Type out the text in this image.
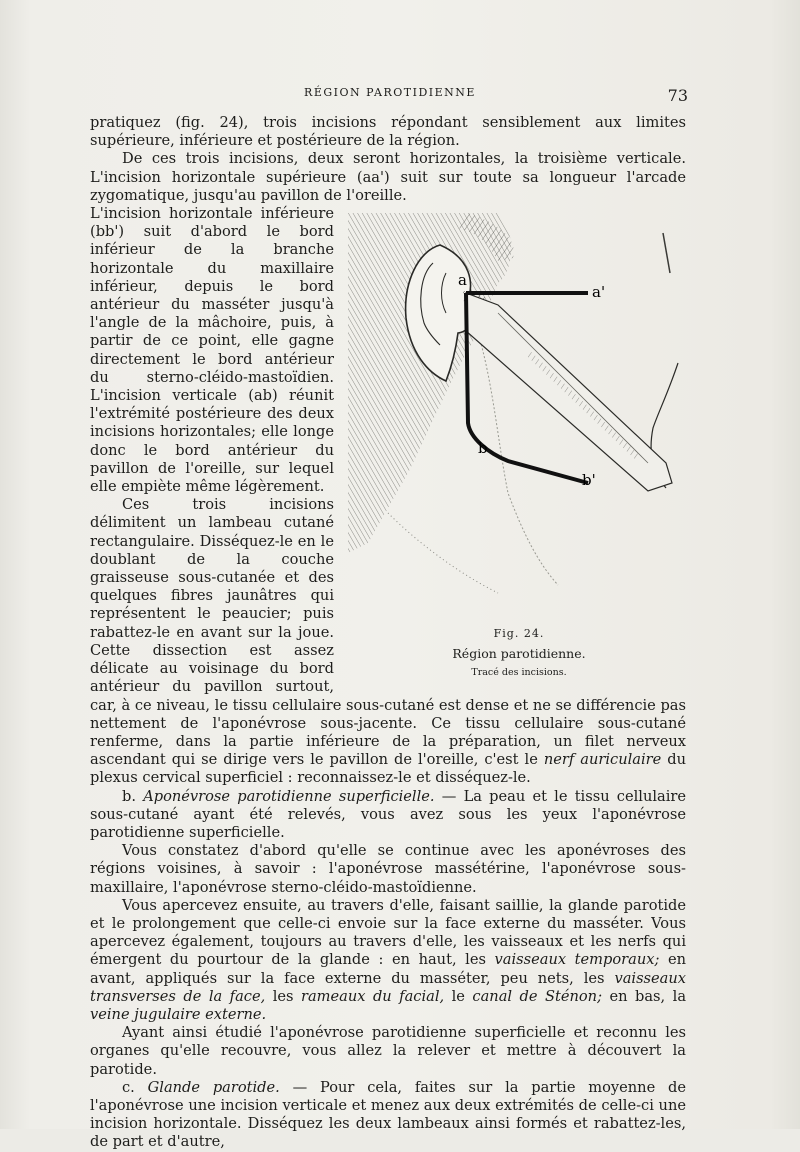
RÉGION PAROTIDIENNE	73

pratiquez (fig. 24), trois incisions répondant sensiblement aux limites supérieure, inférieure et postérieure de la région.

De ces trois incisions, deux seront horizontales, la troisième verticale. L'incision horizontale supérieure (aa') suit sur toute sa longueur l'arcade zygomatique, jusqu'au pavillon de l'oreille.

a
a'
b
b'
Fig. 24.
Région parotidienne.
Tracé des incisions.

L'incision horizontale inférieure (bb') suit d'abord le bord inférieur de la branche horizontale du maxillaire inférieur, depuis le bord antérieur du masséter jusqu'à l'angle de la mâchoire, puis, à partir de ce point, elle gagne directement le bord antérieur du sterno-cléido-mastoïdien. L'incision verticale (ab) réunit l'extrémité postérieure des deux incisions horizontales; elle longe donc le bord antérieur du pavillon de l'oreille, sur lequel elle empiète même légèrement.

Ces trois incisions délimitent un lambeau cutané rectangulaire. Disséquez-le en le doublant de la couche graisseuse sous-cutanée et des quelques fibres jaunâtres qui représentent le peaucier; puis rabattez-le en avant sur la joue. Cette dissection est assez délicate au voisinage du bord antérieur du pavillon surtout, car, à ce niveau, le tissu cellulaire sous-cutané est dense et ne se différencie pas nettement de l'aponévrose sous-jacente. Ce tissu cellulaire sous-cutané renferme, dans la partie inférieure de la préparation, un filet nerveux ascendant qui se dirige vers le pavillon de l'oreille, c'est le nerf auriculaire du plexus cervical superficiel : reconnaissez-le et disséquez-le.

b. Aponévrose parotidienne superficielle. — La peau et le tissu cellulaire sous-cutané ayant été relevés, vous avez sous les yeux l'aponévrose parotidienne superficielle.

Vous constatez d'abord qu'elle se continue avec les aponévroses des régions voisines, à savoir : l'aponévrose massétérine, l'aponévrose sous-maxillaire, l'aponévrose sterno-cléido-mastoïdienne.

Vous apercevez ensuite, au travers d'elle, faisant saillie, la glande parotide et le prolongement que celle-ci envoie sur la face externe du masséter. Vous apercevez également, toujours au travers d'elle, les vaisseaux et les nerfs qui émergent du pourtour de la glande : en haut, les vaisseaux temporaux; en avant, appliqués sur la face externe du masséter, peu nets, les vaisseaux transverses de la face, les rameaux du facial, le canal de Sténon; en bas, la veine jugulaire externe.

Ayant ainsi étudié l'aponévrose parotidienne superficielle et reconnu les organes qu'elle recouvre, vous allez la relever et mettre à découvert la parotide.

c. Glande parotide. — Pour cela, faites sur la partie moyenne de l'aponévrose une incision verticale et menez aux deux extrémités de celle-ci une incision horizontale. Disséquez les deux lambeaux ainsi formés et rabattez-les, de part et d'autre,
